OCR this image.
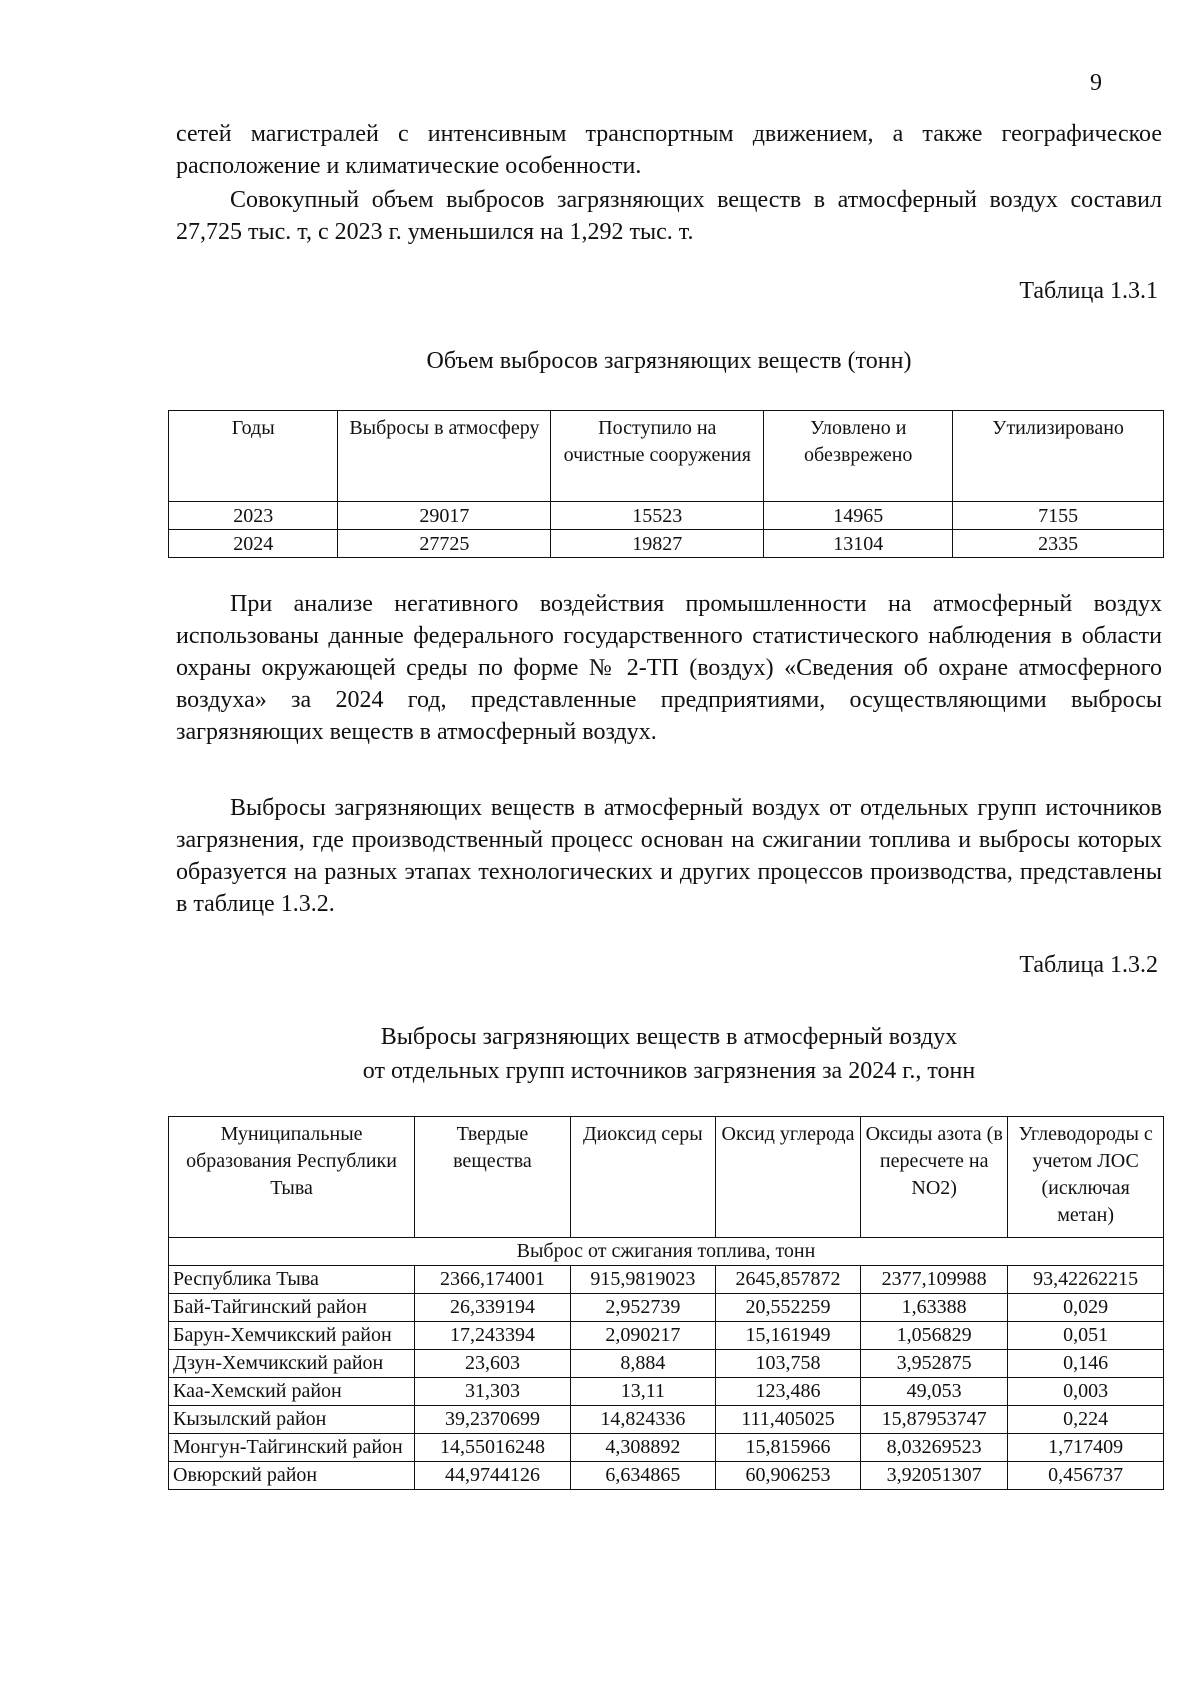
9

сетей магистралей с интенсивным транспортным движением, а также географическое расположение и климатические особенности.

Совокупный объем выбросов загрязняющих веществ в атмосферный воздух составил 27,725 тыс. т, с 2023 г. уменьшился на 1,292 тыс. т.

Таблица 1.3.1
Объем выбросов загрязняющих веществ (тонн)
Годы	Выбросы в атмосферу	Поступило на очистные сооружения	Уловлено и обезврежено	Утилизировано
2023	29017	15523	14965	7155
2024	27725	19827	13104	2335

При анализе негативного воздействия промышленности на атмосферный воздух использованы данные федерального государственного статистического наблюдения в области охраны окружающей среды по форме № 2-ТП (воздух) «Сведения об охране атмосферного воздуха» за 2024 год, представленные предприятиями, осуществляющими выбросы загрязняющих веществ в атмосферный воздух.

Выбросы загрязняющих веществ в атмосферный воздух от отдельных групп источников загрязнения, где производственный процесс основан на сжигании топлива и выбросы которых образуется на разных этапах технологических и других процессов производства, представлены в таблице 1.3.2.

Таблица 1.3.2
Выбросы загрязняющих веществ в атмосферный воздух
от отдельных групп источников загрязнения за 2024 г., тонн
Муниципальные образования Республики Тыва	Твердые вещества	Диоксид серы	Оксид углерода	Оксиды азота (в пересчете на NO2)	Углеводороды с учетом ЛОС (исключая метан)
Выброс от сжигания топлива, тонн					
Республика Тыва	2366,174001	915,9819023	2645,857872	2377,109988	93,42262215
Бай-Тайгинский район	26,339194	2,952739	20,552259	1,63388	0,029
Барун-Хемчикский район	17,243394	2,090217	15,161949	1,056829	0,051
Дзун-Хемчикский район	23,603	8,884	103,758	3,952875	0,146
Каа-Хемский район	31,303	13,11	123,486	49,053	0,003
Кызылский район	39,2370699	14,824336	111,405025	15,87953747	0,224
Монгун-Тайгинский район	14,55016248	4,308892	15,815966	8,03269523	1,717409
Овюрский район	44,9744126	6,634865	60,906253	3,92051307	0,456737
